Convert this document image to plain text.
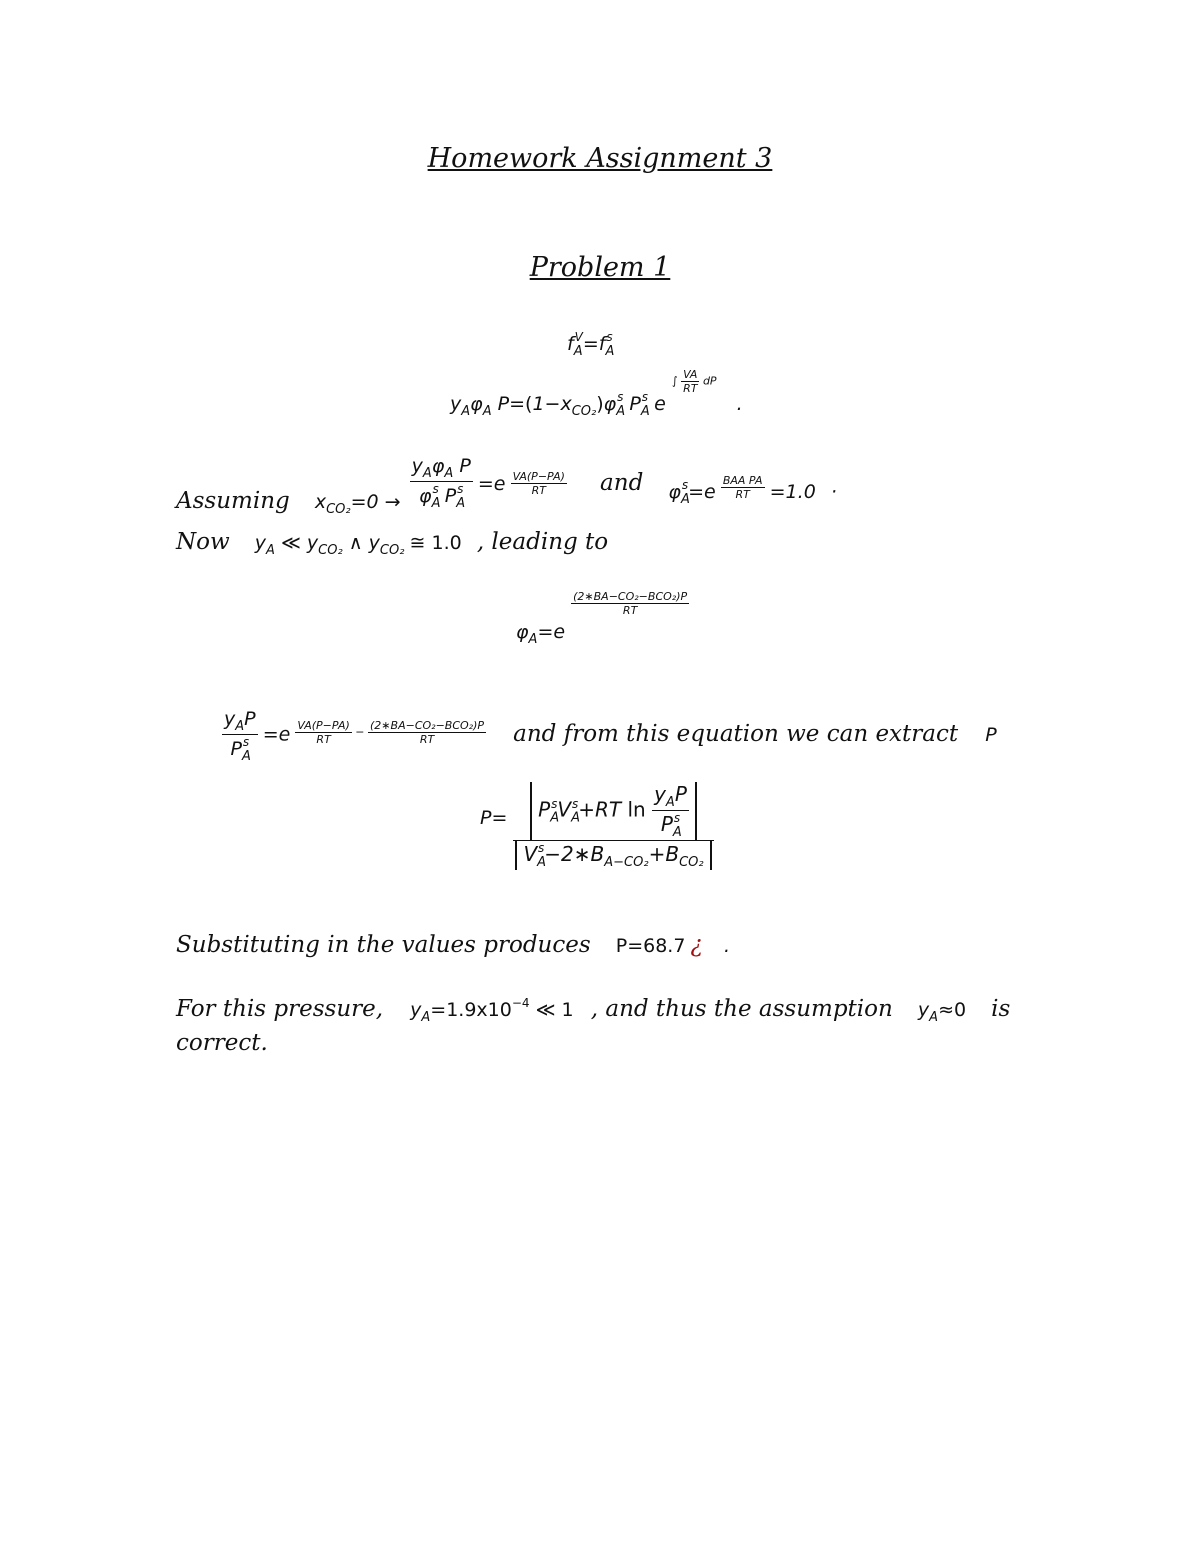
Homework Assignment 3
Problem 1
$f_A^V=f_A^s$
$y_A\varphi_A$ $P=(1-x_{CO_2})\varphi_A^s$ $P_A^s$ e ∫ $\frac{VA}{RT}$ dP .
Assuming $x_{CO_2}=0 \to \frac{y_A\varphi_A P}{\varphi_A^s P_A^s} =e \frac{VA(P-PA)}{RT}$ and $\varphi_A^s=e \frac{\text{BAA PA}}{RT} =1.0$ ·
Now $y_A$ ≪ $y_{CO_2}$ ∧ $y_{CO_2}$ ≅ 1.0 , leading to
$\varphi_A=e$
$\frac{\text{(2∗BA−CO₂−BCO₂)P}}{RT}$
$\frac{y_AP}{P_A^s} =e \frac{VA(P-PA)}{RT} - \frac{\text{(2∗BA−CO₂−BCO₂)P}}{RT}$ and from this equation we can extract P
$P= \frac{P_A^sV_A^s+RT \ln \frac{y_AP}{P_A^s}}{V_A^s-2∗B_{A-CO_2}+B_{CO_2}}$
Substituting in the values produces P=68.7 ¿ .
For this pressure, $y_A=1.9x10^{-4}$ ≪ 1 , and thus the assumption $y_A\approx 0$ is
correct.
